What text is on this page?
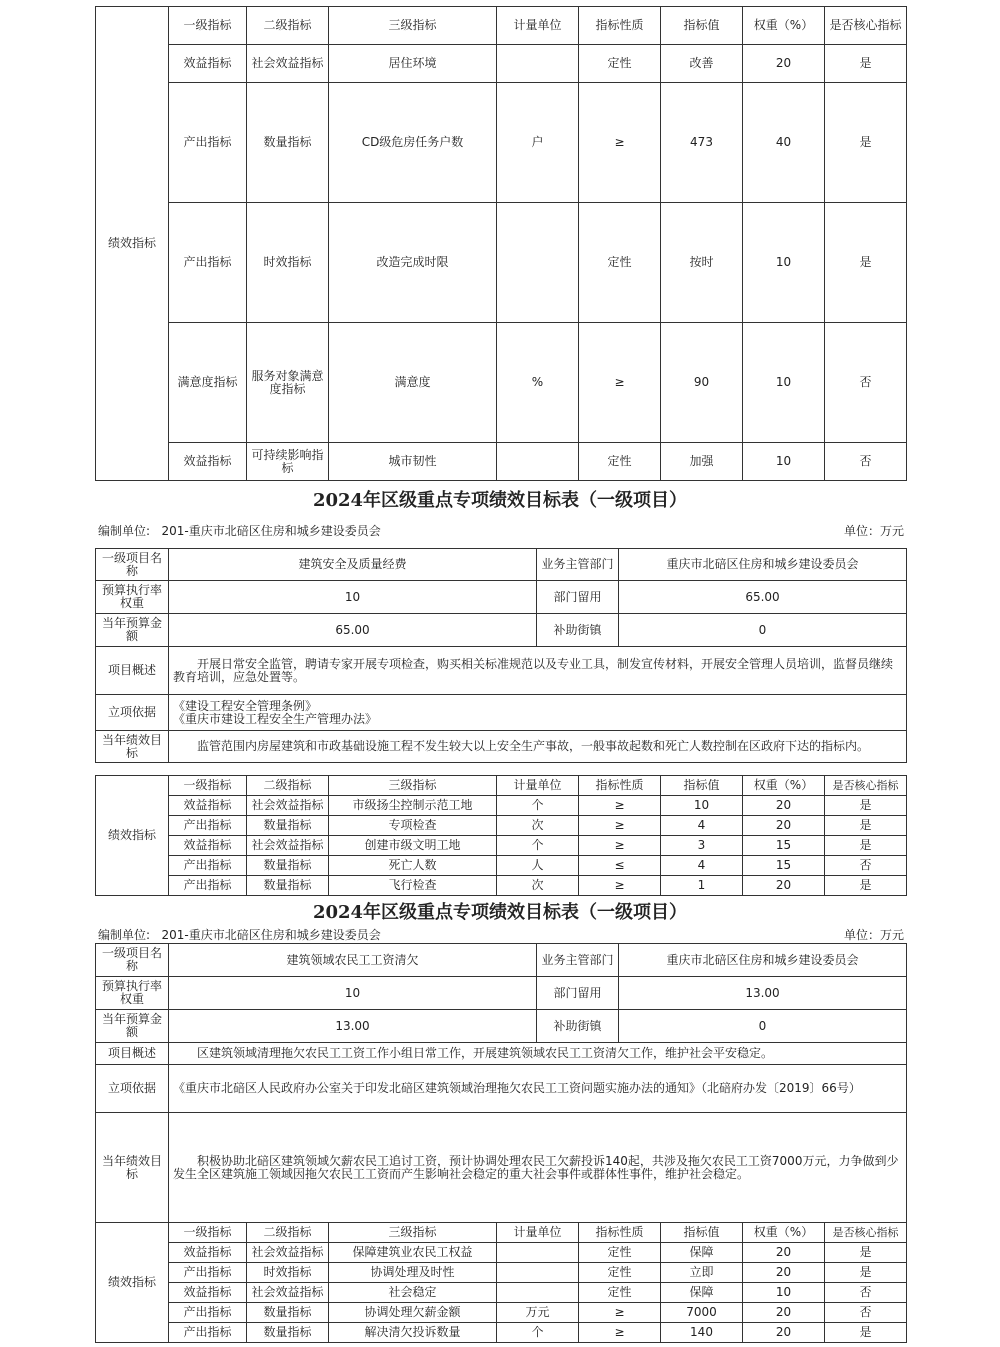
绩效指标	一级指标	二级指标	三级指标	计量单位	指标性质	指标值	权重（%）	是否核心指标
	效益指标	社会效益指标	居住环境		定性	改善	20	是
	产出指标	数量指标	CD级危房任务户数	户	≥	473	40	是
	产出指标	时效指标	改造完成时限		定性	按时	10	是
	满意度指标	服务对象满意度指标	满意度	%	≥	90	10	否
	效益指标	可持续影响指标	城市韧性		定性	加强	10	否
2024年区级重点专项绩效目标表（一级项目）
编制单位: 201-重庆市北碚区住房和城乡建设委员会	单位：万元
一级项目名称	建筑安全及质量经费	业务主管部门	重庆市北碚区住房和城乡建设委员会
预算执行率权重	10	部门留用	65.00
当年预算金额	65.00	补助街镇	0
项目概述	开展日常安全监管，聘请专家开展专项检查，购买相关标准规范以及专业工具，制发宣传材料，开展安全管理人员培训，监督员继续教育培训，应急处置等。		
立项依据	《建设工程安全管理条例》
《重庆市建设工程安全生产管理办法》		

当年绩效目标	监管范围内房屋建筑和市政基础设施工程不发生较大以上安全生产事故，一般事故起数和死亡人数控制在区政府下达的指标内。		
绩效指标	一级指标	二级指标	三级指标	计量单位	指标性质	指标值	权重（%）	是否核心指标
	效益指标	社会效益指标	市级扬尘控制示范工地	个	≥	10	20	是
	产出指标	数量指标	专项检查	次	≥	4	20	是
	效益指标	社会效益指标	创建市级文明工地	个	≥	3	15	是
	产出指标	数量指标	死亡人数	人	≤	4	15	否
	产出指标	数量指标	飞行检查	次	≥	1	20	是
2024年区级重点专项绩效目标表（一级项目）
编制单位: 201-重庆市北碚区住房和城乡建设委员会	单位：万元
一级项目名称	建筑领域农民工工资清欠	业务主管部门	重庆市北碚区住房和城乡建设委员会
预算执行率权重	10	部门留用	13.00
当年预算金额	13.00	补助街镇	0
项目概述	区建筑领域清理拖欠农民工工资工作小组日常工作，开展建筑领域农民工工资清欠工作，维护社会平安稳定。		
立项依据	《重庆市北碚区人民政府办公室关于印发北碚区建筑领域治理拖欠农民工工资问题实施办法的通知》（北碚府办发〔2019〕66号）		
当年绩效目标	积极协助北碚区建筑领域欠薪农民工追讨工资，预计协调处理农民工欠薪投诉140起，共涉及拖欠农民工工资7000万元，力争做到少发生全区建筑施工领域因拖欠农民工工资而产生影响社会稳定的重大社会事件或群体性事件，维护社会稳定。		
绩效指标	一级指标	二级指标	三级指标	计量单位	指标性质	指标值	权重（%）	是否核心指标
	效益指标	社会效益指标	保障建筑业农民工权益		定性	保障	20	是
	产出指标	时效指标	协调处理及时性		定性	立即	20	是
	效益指标	社会效益指标	社会稳定		定性	保障	10	否
	产出指标	数量指标	协调处理欠薪金额	万元	≥	7000	20	否
	产出指标	数量指标	解决清欠投诉数量	个	≥	140	20	是
